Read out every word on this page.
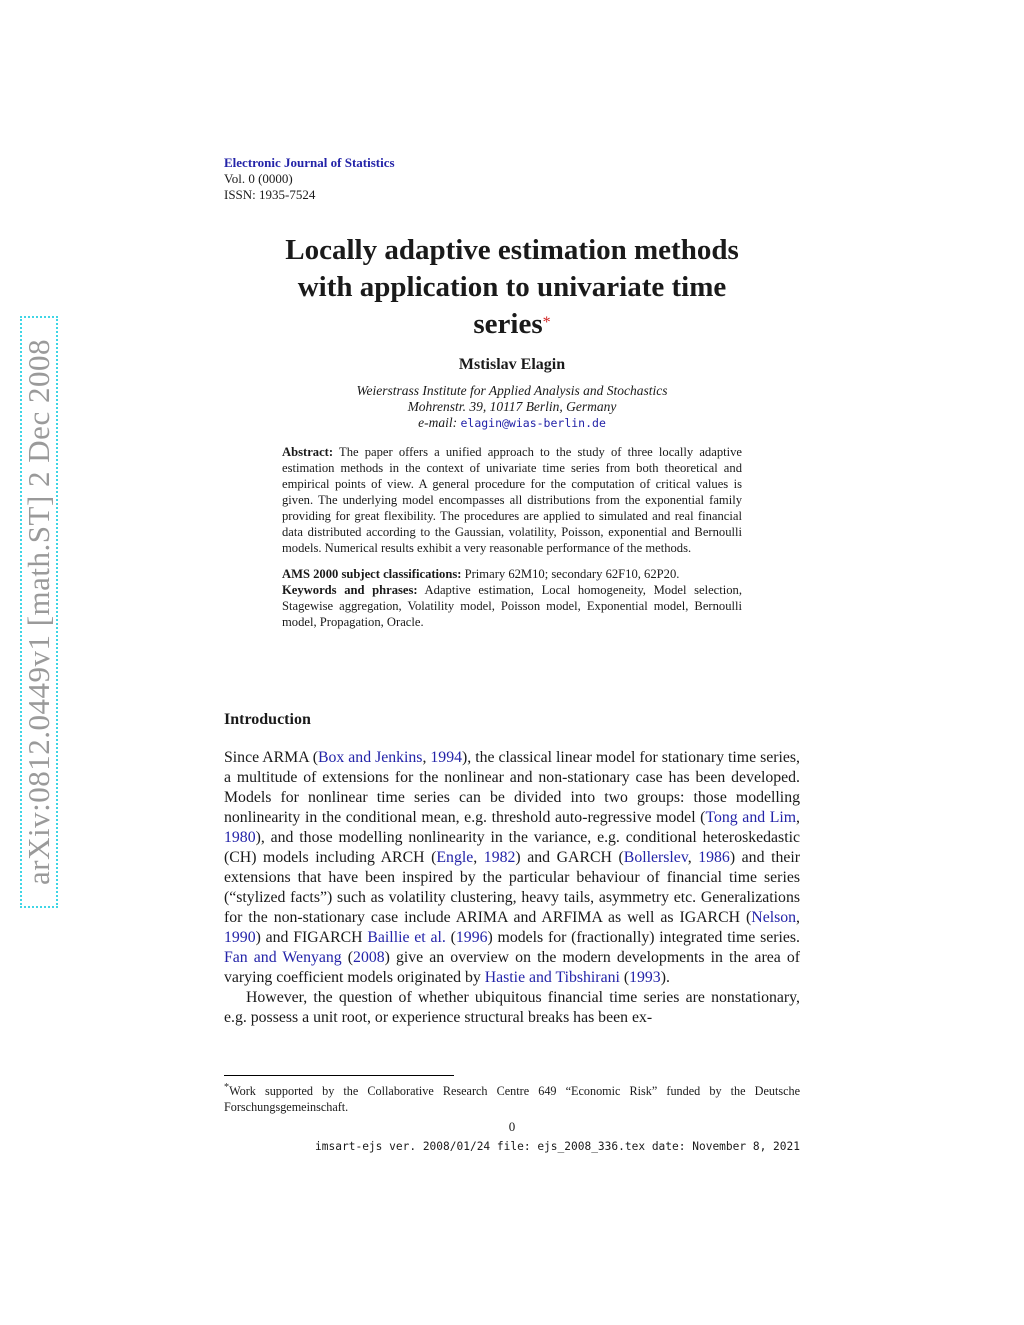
arXiv:0812.0449v1 [math.ST] 2 Dec 2008
Electronic Journal of Statistics
Vol. 0 (0000)
ISSN: 1935-7524
Locally adaptive estimation methods
with application to univariate time
series*
Mstislav Elagin
Weierstrass Institute for Applied Analysis and Stochastics
Mohrenstr. 39, 10117 Berlin, Germany
e-mail: elagin@wias-berlin.de

Abstract: The paper offers a unified approach to the study of three locally adaptive estimation methods in the context of univariate time series from both theoretical and empirical points of view. A general procedure for the computation of critical values is given. The underlying model encompasses all distributions from the exponential family providing for great flexibility. The procedures are applied to simulated and real financial data distributed according to the Gaussian, volatility, Poisson, exponential and Bernoulli models. Numerical results exhibit a very reasonable performance of the methods.

AMS 2000 subject classifications: Primary 62M10; secondary 62F10, 62P20.

Keywords and phrases: Adaptive estimation, Local homogeneity, Model selection, Stagewise aggregation, Volatility model, Poisson model, Exponential model, Bernoulli model, Propagation, Oracle.

Introduction

Since ARMA (Box and Jenkins, 1994), the classical linear model for stationary time series, a multitude of extensions for the nonlinear and non-stationary case has been developed. Models for nonlinear time series can be divided into two groups: those modelling nonlinearity in the conditional mean, e.g. threshold auto-regressive model (Tong and Lim, 1980), and those modelling nonlinearity in the variance, e.g. conditional heteroskedastic (CH) models including ARCH (Engle, 1982) and GARCH (Bollerslev, 1986) and their extensions that have been inspired by the particular behaviour of financial time series (“stylized facts”) such as volatility clustering, heavy tails, asymmetry etc. Generalizations for the non-stationary case include ARIMA and ARFIMA as well as IGARCH (Nelson, 1990) and FIGARCH Baillie et al. (1996) models for (fractionally) integrated time series. Fan and Wenyang (2008) give an overview on the modern developments in the area of varying coefficient models originated by Hastie and Tibshirani (1993).

However, the question of whether ubiquitous financial time series are nonstationary, e.g. possess a unit root, or experience structural breaks has been ex-

*Work supported by the Collaborative Research Centre 649 “Economic Risk” funded by the Deutsche Forschungsgemeinschaft.
0
imsart-ejs ver. 2008/01/24 file: ejs_2008_336.tex date: November 8, 2021
